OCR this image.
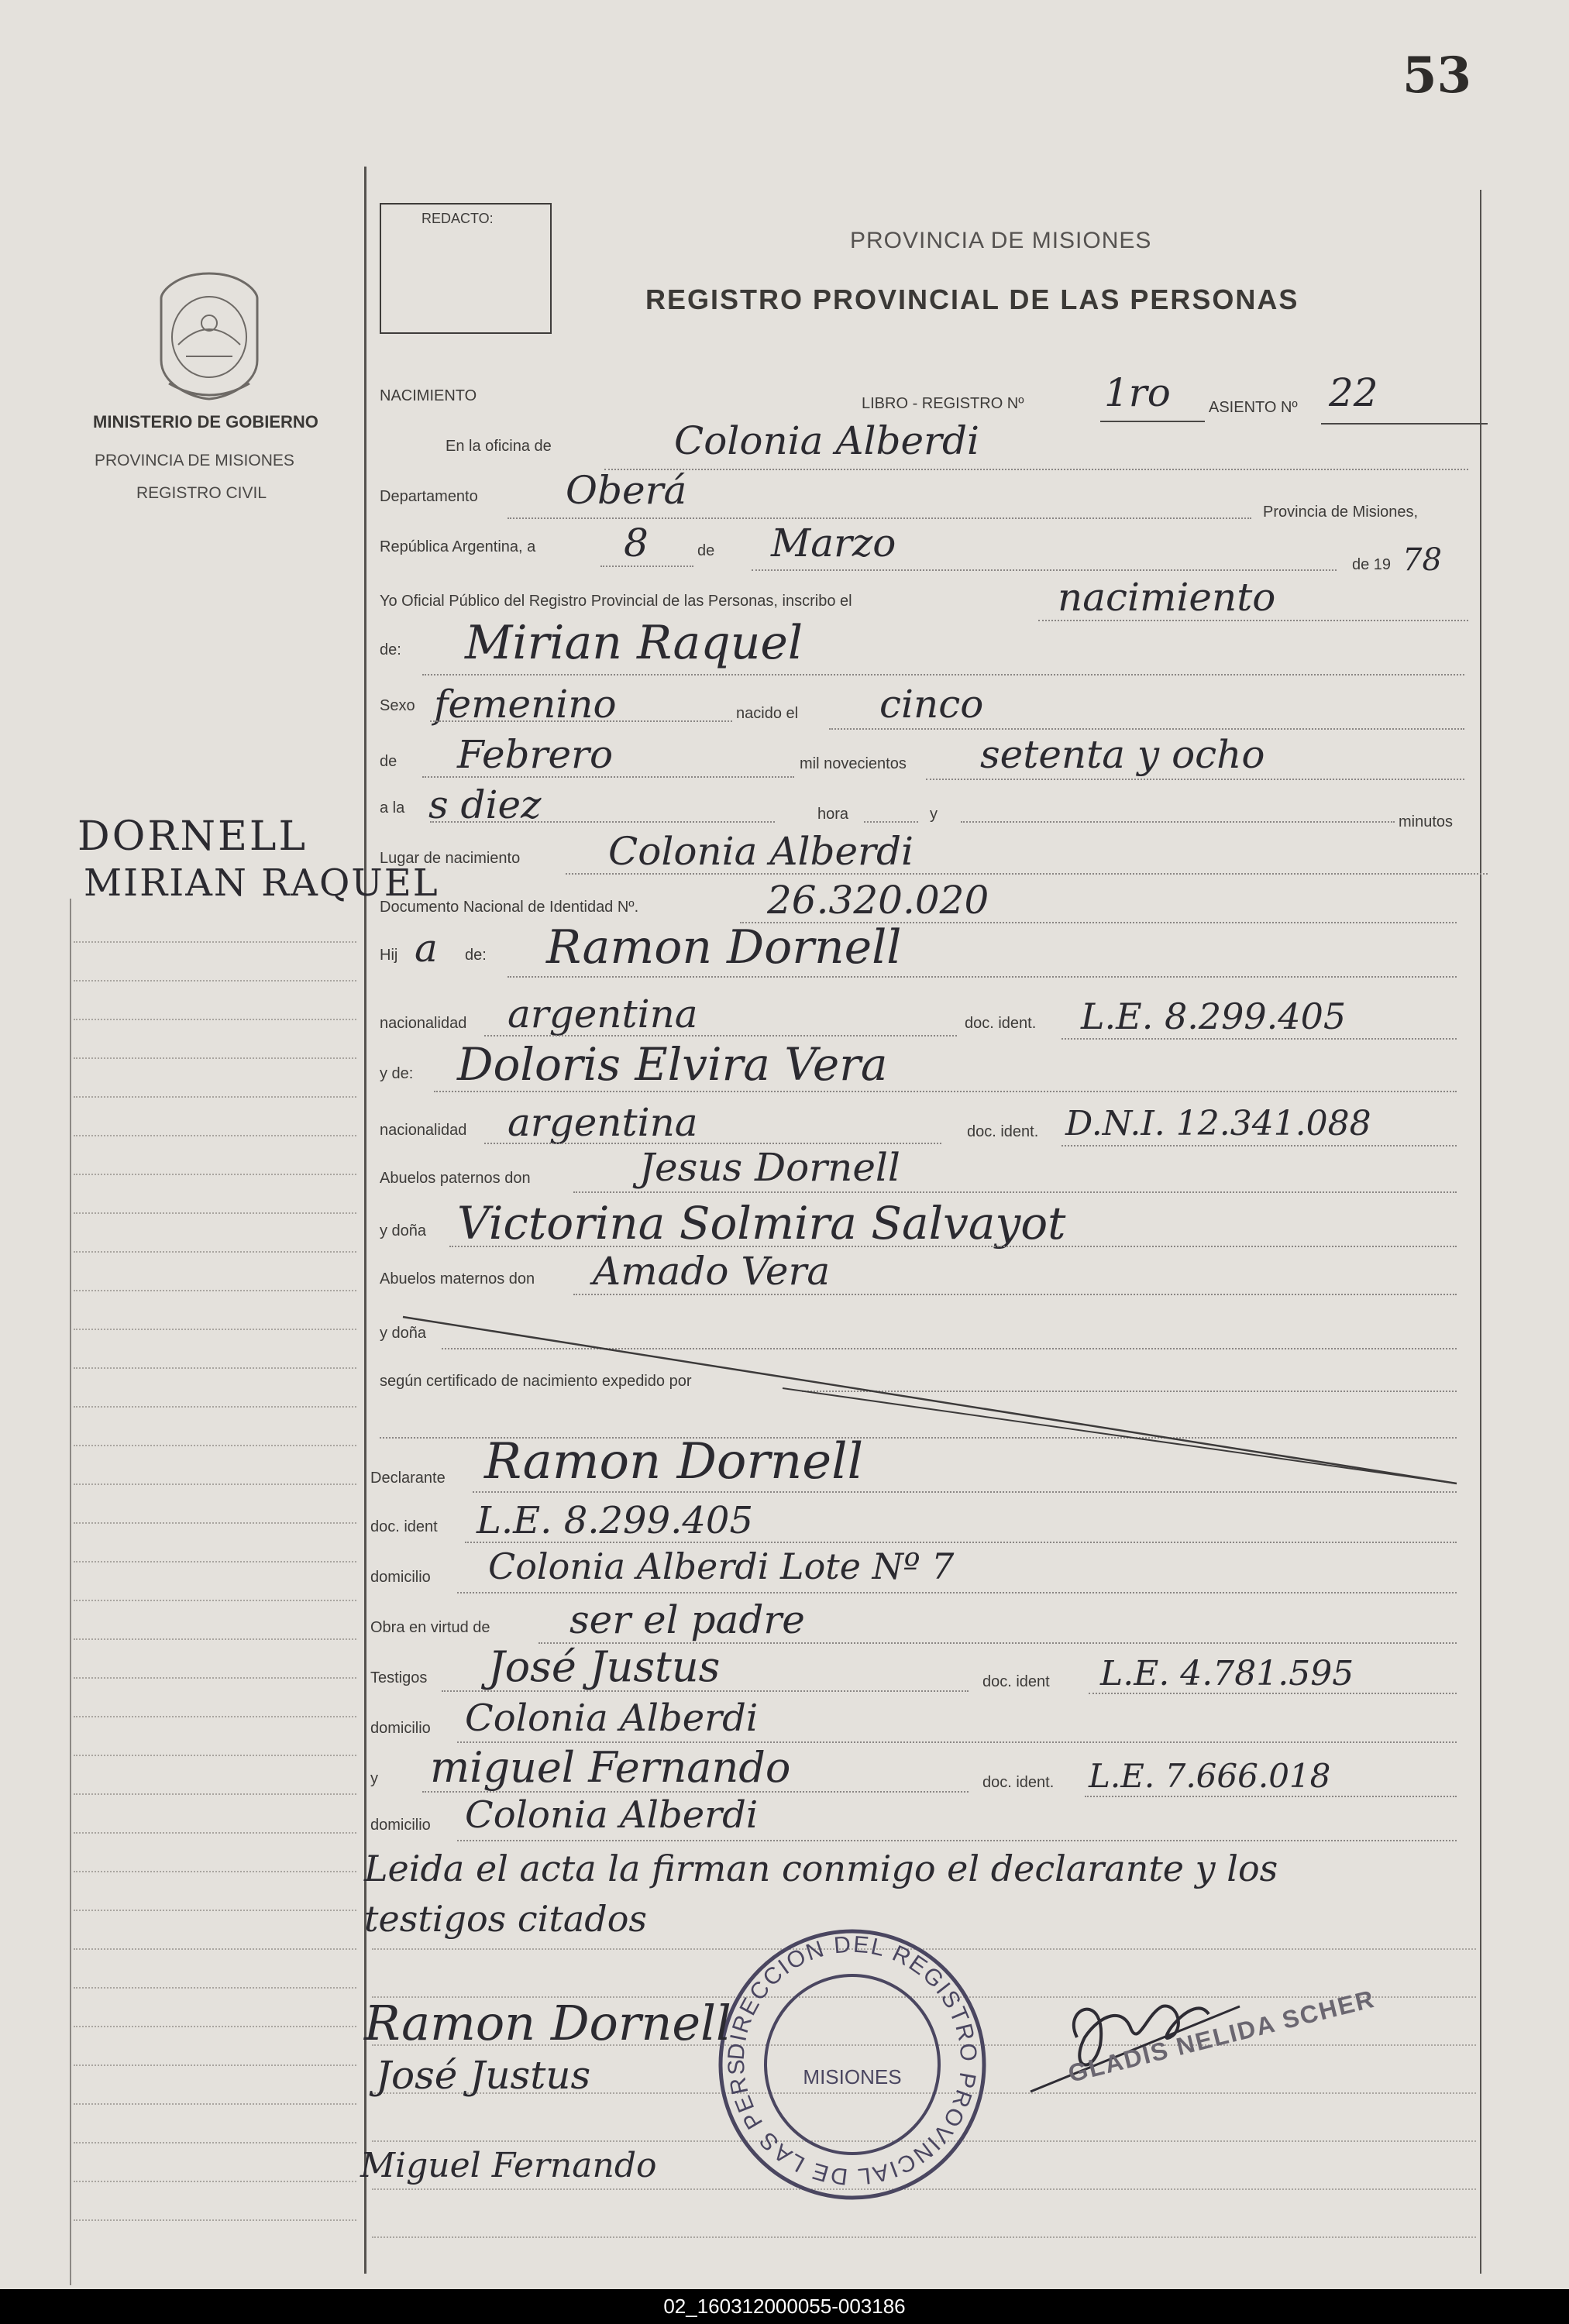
53
REDACTO:
PROVINCIA DE MISIONES
REGISTRO PROVINCIAL DE LAS PERSONAS
MINISTERIO DE GOBIERNO
PROVINCIA DE MISIONES
REGISTRO CIVIL
DORNELL
MIRIAN RAQUEL
NACIMIENTO	LIBRO - REGISTRO Nº 1ro ASIENTO Nº 22
En la oficina de	Colonia Alberdi
Departamento Oberá	Provincia de Misiones,
República Argentina, a 8	de Marzo	de 19 78
Yo Oficial Público del Registro Provincial de las Personas, inscribo el	nacimiento
de: Mirian Raquel
Sexo femenino	nacido el cinco
de Febrero	mil novecientos setenta y ocho
a la s diez	hora	y	minutos
Lugar de nacimiento Colonia Alberdi
Documento Nacional de Identidad Nº.	26.320.020
Hij a de: Ramon Dornell
nacionalidad argentina	doc. ident. L.E. 8.299.405
y de: Doloris Elvira Vera
nacionalidad argentina	doc. ident. D.N.I. 12.341.088
Abuelos paternos don	Jesus Dornell
y doña Victorina Solmira Salvayot
Abuelos maternos don Amado Vera
y doña
según certificado de nacimiento expedido por
Declarante Ramon Dornell
doc. ident L.E. 8.299.405
domicilio Colonia Alberdi Lote Nº 7
Obra en virtud de ser el padre
Testigos José Justus	doc. ident L.E. 4.781.595
domicilio Colonia Alberdi
y miguel Fernando	doc. ident. L.E. 7.666.018
domicilio Colonia Alberdi
Leida el acta la firman conmigo el declarante y los
testigos citados
DIRECCION DEL REGISTRO PROVINCIAL DE LAS PERS	MISIONES
Ramon Dornell
José Justus
Miguel Fernando
GLADIS NELIDA SCHER
02_160312000055-003186
